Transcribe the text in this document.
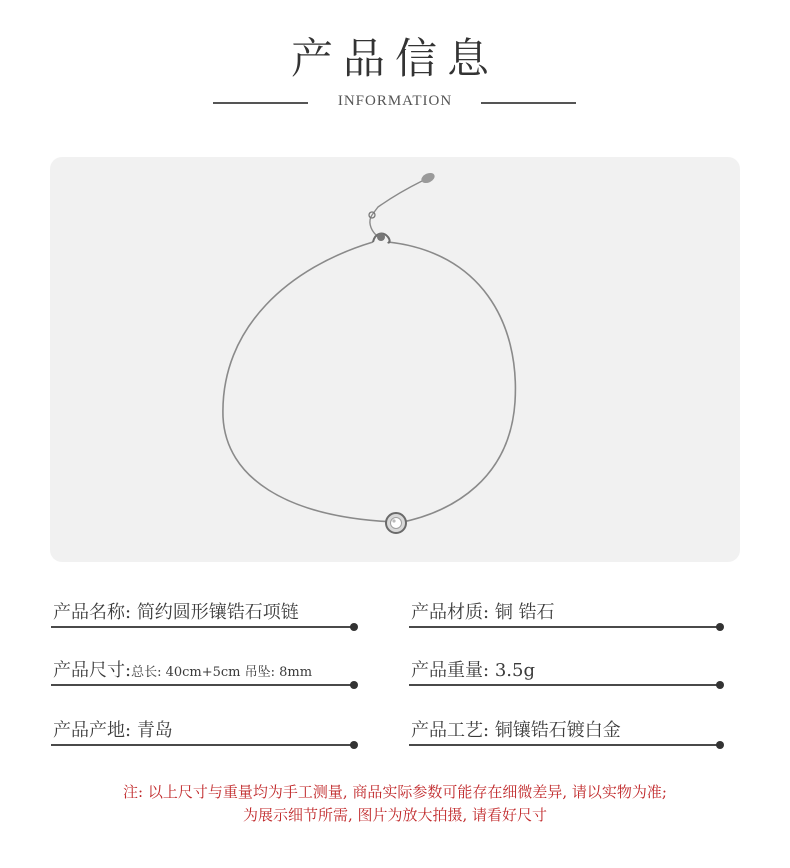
产品信息
INFORMATION
产品名称: 简约圆形镶锆石项链	产品材质: 铜 锆石
产品尺寸:总长: 40cm+5cm 吊坠: 8mm	产品重量: 3.5g
产品产地: 青岛	产品工艺: 铜镶锆石镀白金
注: 以上尺寸与重量均为手工测量, 商品实际参数可能存在细微差异, 请以实物为准;
为展示细节所需, 图片为放大拍摄, 请看好尺寸
